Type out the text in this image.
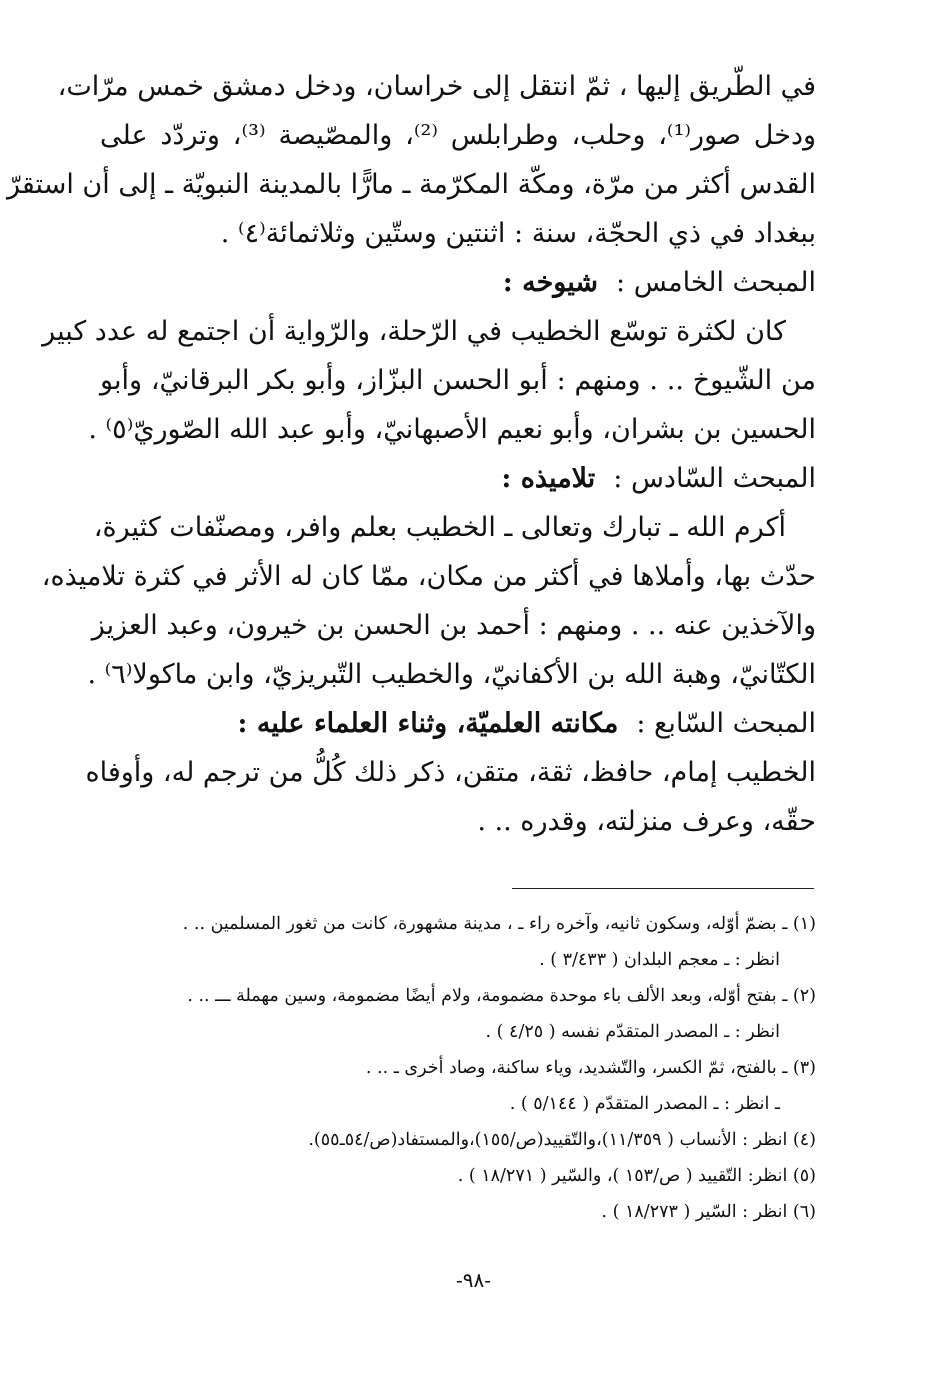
في الطّريق إليها ، ثمّ انتقل إلى خراسان، ودخل دمشق خمس مرّات،
ودخل صور⁽¹⁾، وحلب، وطرابلس ⁽²⁾، والمصّيصة ⁽³⁾، وتردّد على
القدس أكثر من مرّة، ومكّة المكرّمة ـ مارًّا بالمدينة النبويّة ـ إلى أن استقرّ
ببغداد في ذي الحجّة، سنة : اثنتين وستّين وثلاثمائة⁽٤⁾ .
المبحث الخامس :شيوخه :
كان لكثرة توسّع الخطيب في الرّحلة، والرّواية أن اجتمع له عدد كبير
من الشّيوخ .. . ومنهم : أبو الحسن البزّاز، وأبو بكر البرقانيّ، وأبو
الحسين بن بشران، وأبو نعيم الأصبهانيّ، وأبو عبد الله الصّوريّ⁽٥⁾ .
المبحث السّادس :تلاميذه :
أكرم الله ـ تبارك وتعالى ـ الخطيب بعلم وافر، ومصنّفات كثيرة،
حدّث بها، وأملاها في أكثر من مكان، ممّا كان له الأثر في كثرة تلاميذه،
والآخذين عنه .. . ومنهم : أحمد بن الحسن بن خيرون، وعبد العزيز
الكتّانيّ، وهبة الله بن الأكفانيّ، والخطيب التّبريزيّ، وابن ماكولا⁽٦⁾ .
المبحث السّابع :مكانته العلميّة، وثناء العلماء عليه :
الخطيب إمام، حافظ، ثقة، متقن، ذكر ذلك كُلُّ من ترجم له، وأوفاه
حقّه، وعرف منزلته، وقدره .. .
(١) ـ بضمّ أوّله، وسكون ثانيه، وآخره راء ـ ، مدينة مشهورة، كانت من ثغور المسلمين .. .
انظر : ـ معجم البلدان ( ٣/٤٣٣ ) .
(٢) ـ بفتح أوّله، وبعد الألف باء موحدة مضمومة، ولام أيضًا مضمومة، وسين مهملة ـــ .. .
انظر : ـ المصدر المتقدّم نفسه ( ٤/٢٥ ) .
(٣) ـ بالفتح، ثمّ الكسر، والتّشديد، وياء ساكنة، وصاد أخرى ـ .. .
ـ انظر : ـ المصدر المتقدّم ( ٥/١٤٤ ) .
(٤) انظر : الأنساب ( ١١/٣٥٩)،والتّقييد(ص/١٥٥)،والمستفاد(ص/٥٤ـ٥٥).
(٥) انظر: التّقييد ( ص/١٥٣ )، والسّير ( ١٨/٢٧١ ) .
(٦) انظر : السّير ( ١٨/٢٧٣ ) .
-٩٨-
